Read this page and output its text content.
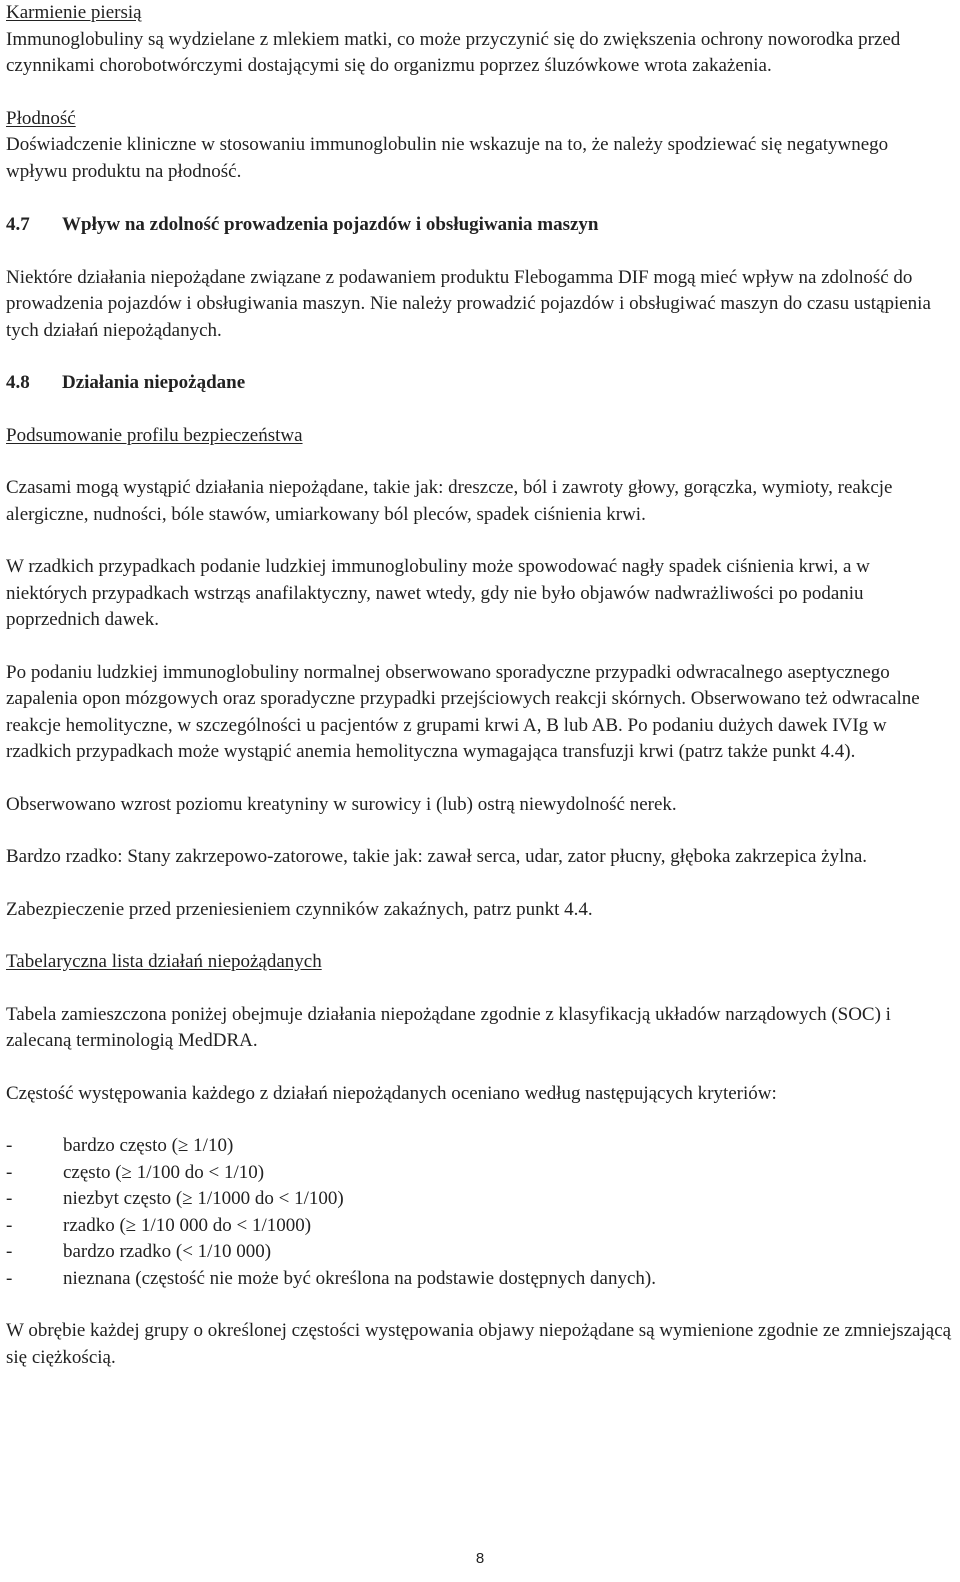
Karmienie piersią

Immunoglobuliny są wydzielane z mlekiem matki, co może przyczynić się do zwiększenia ochrony noworodka przed czynnikami chorobotwórczymi dostającymi się do organizmu poprzez śluzówkowe wrota zakażenia.

Płodność

Doświadczenie kliniczne w stosowaniu immunoglobulin nie wskazuje na to, że należy spodziewać się negatywnego wpływu produktu na płodność.

4.7	Wpływ na zdolność prowadzenia pojazdów i obsługiwania maszyn

Niektóre działania niepożądane związane z podawaniem produktu Flebogamma DIF mogą mieć wpływ na zdolność do prowadzenia pojazdów i obsługiwania maszyn. Nie należy prowadzić pojazdów i obsługiwać maszyn do czasu ustąpienia tych działań niepożądanych.

4.8	Działania niepożądane

Podsumowanie profilu bezpieczeństwa

Czasami mogą wystąpić działania niepożądane, takie jak: dreszcze, ból i zawroty głowy, gorączka, wymioty, reakcje alergiczne, nudności, bóle stawów, umiarkowany ból pleców, spadek ciśnienia krwi.

W rzadkich przypadkach podanie ludzkiej immunoglobuliny może spowodować nagły spadek ciśnienia krwi, a w niektórych przypadkach wstrząs anafilaktyczny, nawet wtedy, gdy nie było objawów nadwrażliwości po podaniu poprzednich dawek.

Po podaniu ludzkiej immunoglobuliny normalnej obserwowano sporadyczne przypadki odwracalnego aseptycznego zapalenia opon mózgowych oraz sporadyczne przypadki przejściowych reakcji skórnych. Obserwowano też odwracalne reakcje hemolityczne, w szczególności u pacjentów z grupami krwi A, B lub AB. Po podaniu dużych dawek IVIg w rzadkich przypadkach może wystąpić anemia hemolityczna wymagająca transfuzji krwi (patrz także punkt 4.4).

Obserwowano wzrost poziomu kreatyniny w surowicy i (lub) ostrą niewydolność nerek.

Bardzo rzadko: Stany zakrzepowo-zatorowe, takie jak: zawał serca, udar, zator płucny, głęboka zakrzepica żylna.

Zabezpieczenie przed przeniesieniem czynników zakaźnych, patrz punkt 4.4.

Tabelaryczna lista działań niepożądanych

Tabela zamieszczona poniżej obejmuje działania niepożądane zgodnie z klasyfikacją układów narządowych (SOC) i zalecaną terminologią MedDRA.

Częstość występowania każdego z działań niepożądanych oceniano według następujących kryteriów:

-	bardzo często (≥ 1/10)
-	często (≥ 1/100 do < 1/10)
-	niezbyt często (≥ 1/1000 do < 1/100)
-	rzadko (≥ 1/10 000 do < 1/1000)
-	bardzo rzadko (< 1/10 000)
-	nieznana (częstość nie może być określona na podstawie dostępnych danych).

W obrębie każdej grupy o określonej częstości występowania objawy niepożądane są wymienione zgodnie ze zmniejszającą się ciężkością.

8
